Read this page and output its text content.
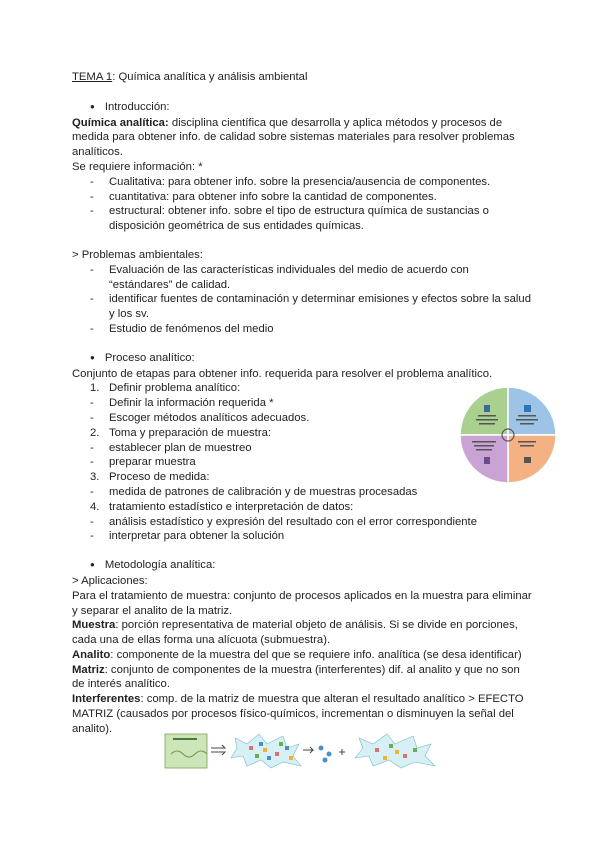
TEMA 1: Química analítica y análisis ambiental

● Introducción:

Química analítica: disciplina científica que desarrolla y aplica métodos y procesos de medida para obtener info. de calidad sobre sistemas materiales para resolver problemas analíticos.

Se requiere información: *

- Cualitativa: para obtener info. sobre la presencia/ausencia de componentes.
- cuantitativa: para obtener info sobre la cantidad de componentes.
- estructural: obtener info. sobre el tipo de estructura química de sustancias o disposición geométrica de sus entidades químicas.

> Problemas ambientales:

- Evaluación de las características individuales del medio de acuerdo con “estándares” de calidad.
- identificar fuentes de contaminación y determinar emisiones y efectos sobre la salud y los sv.
- Estudio de fenómenos del medio

● Proceso analítico:

Conjunto de etapas para obtener info. requerida para resolver el problema analítico.

1. Definir problema analítico:
- Definir la información requerida *
- Escoger métodos analíticos adecuados.
2. Toma y preparación de muestra:
- establecer plan de muestreo
- preparar muestra
3. Proceso de medida:
- medida de patrones de calibración y de muestras procesadas
4. tratamiento estadístico e interpretación de datos:
- análisis estadístico y expresión del resultado con el error correspondiente
- interpretar para obtener la solución

● Metodología analítica:

> Aplicaciones:

Para el tratamiento de muestra: conjunto de procesos aplicados en la muestra para eliminar y separar el analito de la matriz.

Muestra: porción representativa de material objeto de análisis. Si se divide en porciones, cada una de ellas forma una alícuota (submuestra).

Analito: componente de la muestra del que se requiere info. analítica (se desa identificar)

Matriz: conjunto de componentes de la muestra (interferentes) dif. al analito y que no son de interés analítico.

Interferentes: comp. de la matriz de muestra que alteran el resultado analítico > EFECTO MATRIZ (causados por procesos físico-químicos, incrementan o disminuyen la señal del analito).
